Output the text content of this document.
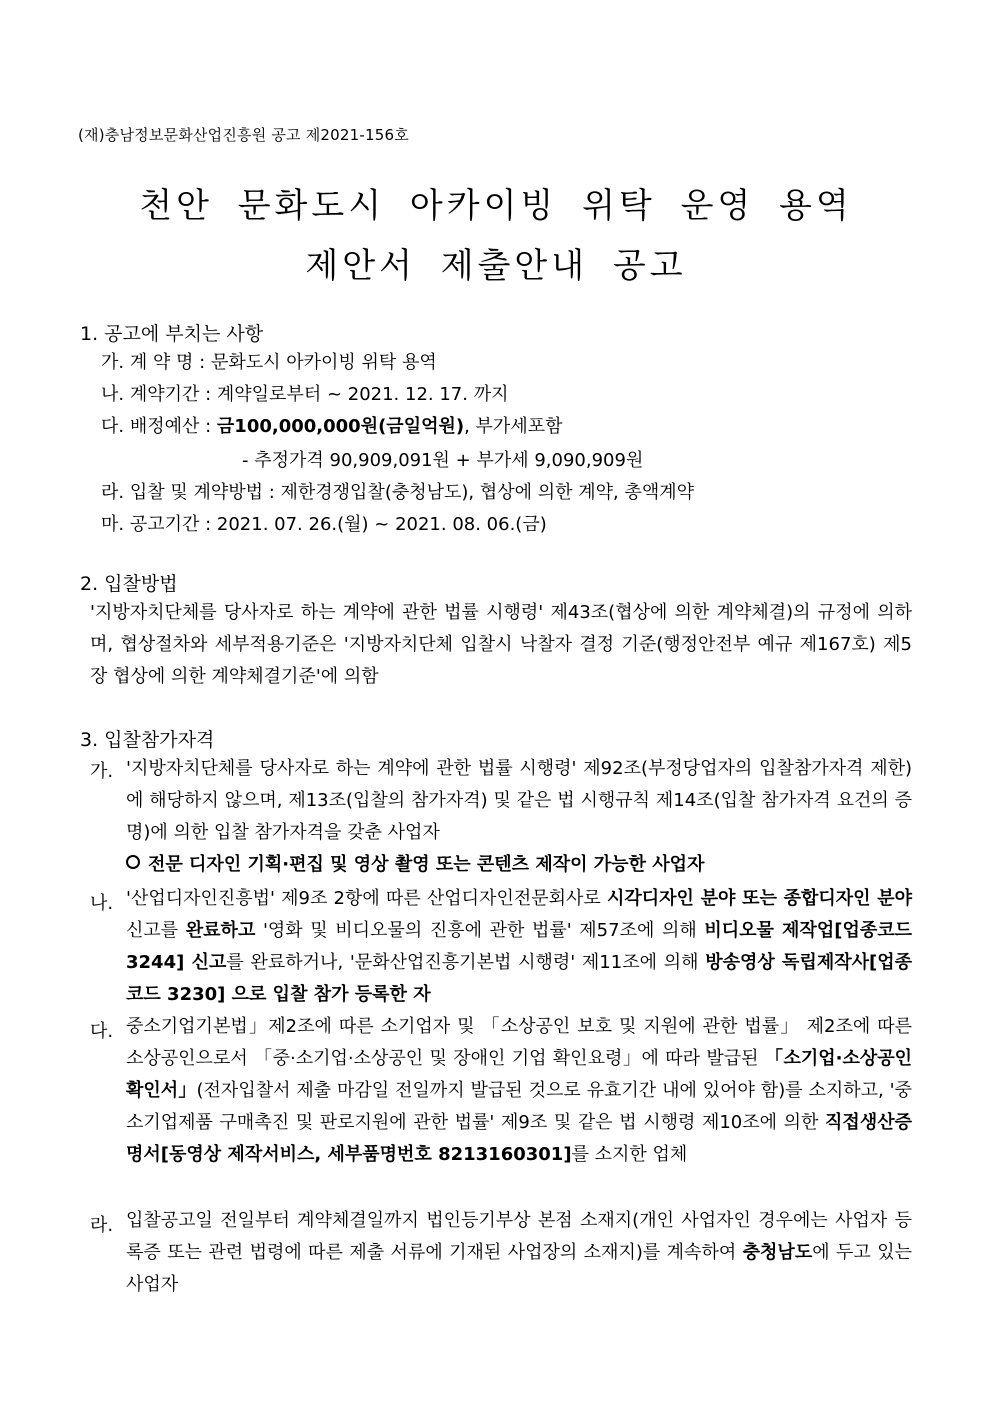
(재)충남정보문화산업진흥원 공고 제2021-156호
천안 문화도시 아카이빙 위탁 운영 용역
제안서 제출안내 공고
1. 공고에 부치는 사항
가. 계 약 명 : 문화도시 아카이빙 위탁 용역
나. 계약기간 : 계약일로부터 ~ 2021. 12. 17. 까지
다. 배정예산 : 금100,000,000원(금일억원), 부가세포함
- 추정가격 90,909,091원 + 부가세 9,090,909원
라. 입찰 및 계약방법 : 제한경쟁입찰(충청남도), 협상에 의한 계약, 총액계약
마. 공고기간 : 2021. 07. 26.(월) ~ 2021. 08. 06.(금)
2. 입찰방법
'지방자치단체를 당사자로 하는 계약에 관한 법률 시행령' 제43조(협상에 의한 계약체결)의 규정에 의하며, 협상절차와 세부적용기준은 '지방자치단체 입찰시 낙찰자 결정 기준(행정안전부 예규 제167호) 제5장 협상에 의한 계약체결기준'에 의함
3. 입찰참가자격
가. '지방자치단체를 당사자로 하는 계약에 관한 법률 시행령' 제92조(부정당업자의 입찰참가자격 제한)에 해당하지 않으며, 제13조(입찰의 참가자격) 및 같은 법 시행규칙 제14조(입찰 참가자격 요건의 증명)에 의한 입찰 참가자격을 갖춘 사업자
전문 디자인 기획·편집 및 영상 촬영 또는 콘텐츠 제작이 가능한 사업자
나. '산업디자인진흥법' 제9조 2항에 따른 산업디자인전문회사로 시각디자인 분야 또는 종합디자인 분야 신고를 완료하고 '영화 및 비디오물의 진흥에 관한 법률' 제57조에 의해 비디오물 제작업[업종코드3244] 신고를 완료하거나, '문화산업진흥기본법 시행령' 제11조에 의해 방송영상 독립제작사[업종코드 3230] 으로 입찰 참가 등록한 자
다. 중소기업기본법」제2조에 따른 소기업자 및 「소상공인 보호 및 지원에 관한 법률」 제2조에 따른 소상공인으로서 「중·소기업·소상공인 및 장애인 기업 확인요령」에 따라 발급된 「소기업·소상공인확인서」(전자입찰서 제출 마감일 전일까지 발급된 것으로 유효기간 내에 있어야 함)를 소지하고, '중소기업제품 구매촉진 및 판로지원에 관한 법률' 제9조 및 같은 법 시행령 제10조에 의한 직접생산증명서[동영상 제작서비스, 세부품명번호 8213160301]를 소지한 업체
라. 입찰공고일 전일부터 계약체결일까지 법인등기부상 본점 소재지(개인 사업자인 경우에는 사업자 등록증 또는 관련 법령에 따른 제출 서류에 기재된 사업장의 소재지)를 계속하여 충청남도에 두고 있는 사업자
